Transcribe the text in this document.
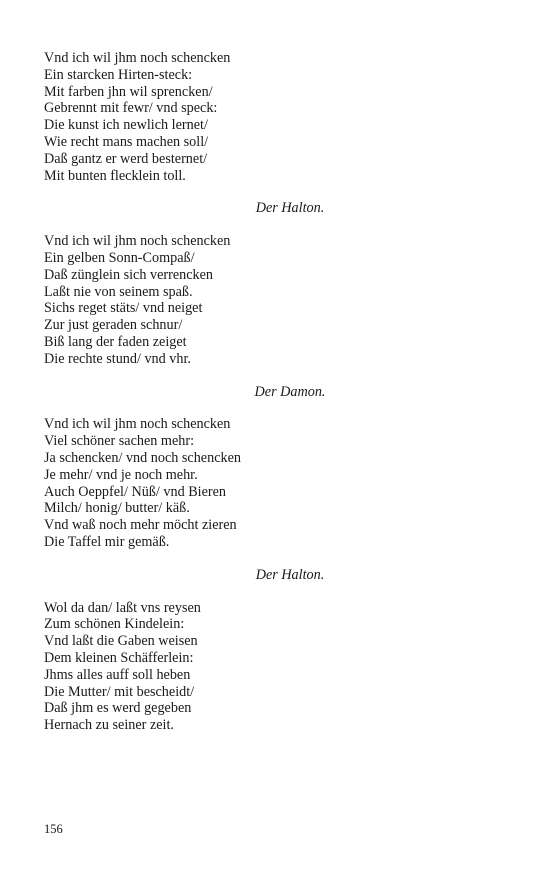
Vnd ich wil jhm noch schencken
Ein starcken Hirten-steck:
Mit farben jhn wil sprencken/
Gebrennt mit fewr/ vnd speck:
Die kunst ich newlich lernet/
Wie recht mans machen soll/
Daß gantz er werd besternet/
Mit bunten flecklein toll.
Der Halton.
Vnd ich wil jhm noch schencken
Ein gelben Sonn-Compaß/
Daß zünglein sich verrencken
Laßt nie von seinem spaß.
Sichs reget stäts/ vnd neiget
Zur just geraden schnur/
Biß lang der faden zeiget
Die rechte stund/ vnd vhr.
Der Damon.
Vnd ich wil jhm noch schencken
Viel schöner sachen mehr:
Ja schencken/ vnd noch schencken
Je mehr/ vnd je noch mehr.
Auch Oeppfel/ Nüß/ vnd Bieren
Milch/ honig/ butter/ käß.
Vnd waß noch mehr möcht zieren
Die Taffel mir gemäß.
Der Halton.
Wol da dan/ laßt vns reysen
Zum schönen Kindelein:
Vnd laßt die Gaben weisen
Dem kleinen Schäfferlein:
Jhms alles auff soll heben
Die Mutter/ mit bescheidt/
Daß jhm es werd gegeben
Hernach zu seiner zeit.
156
